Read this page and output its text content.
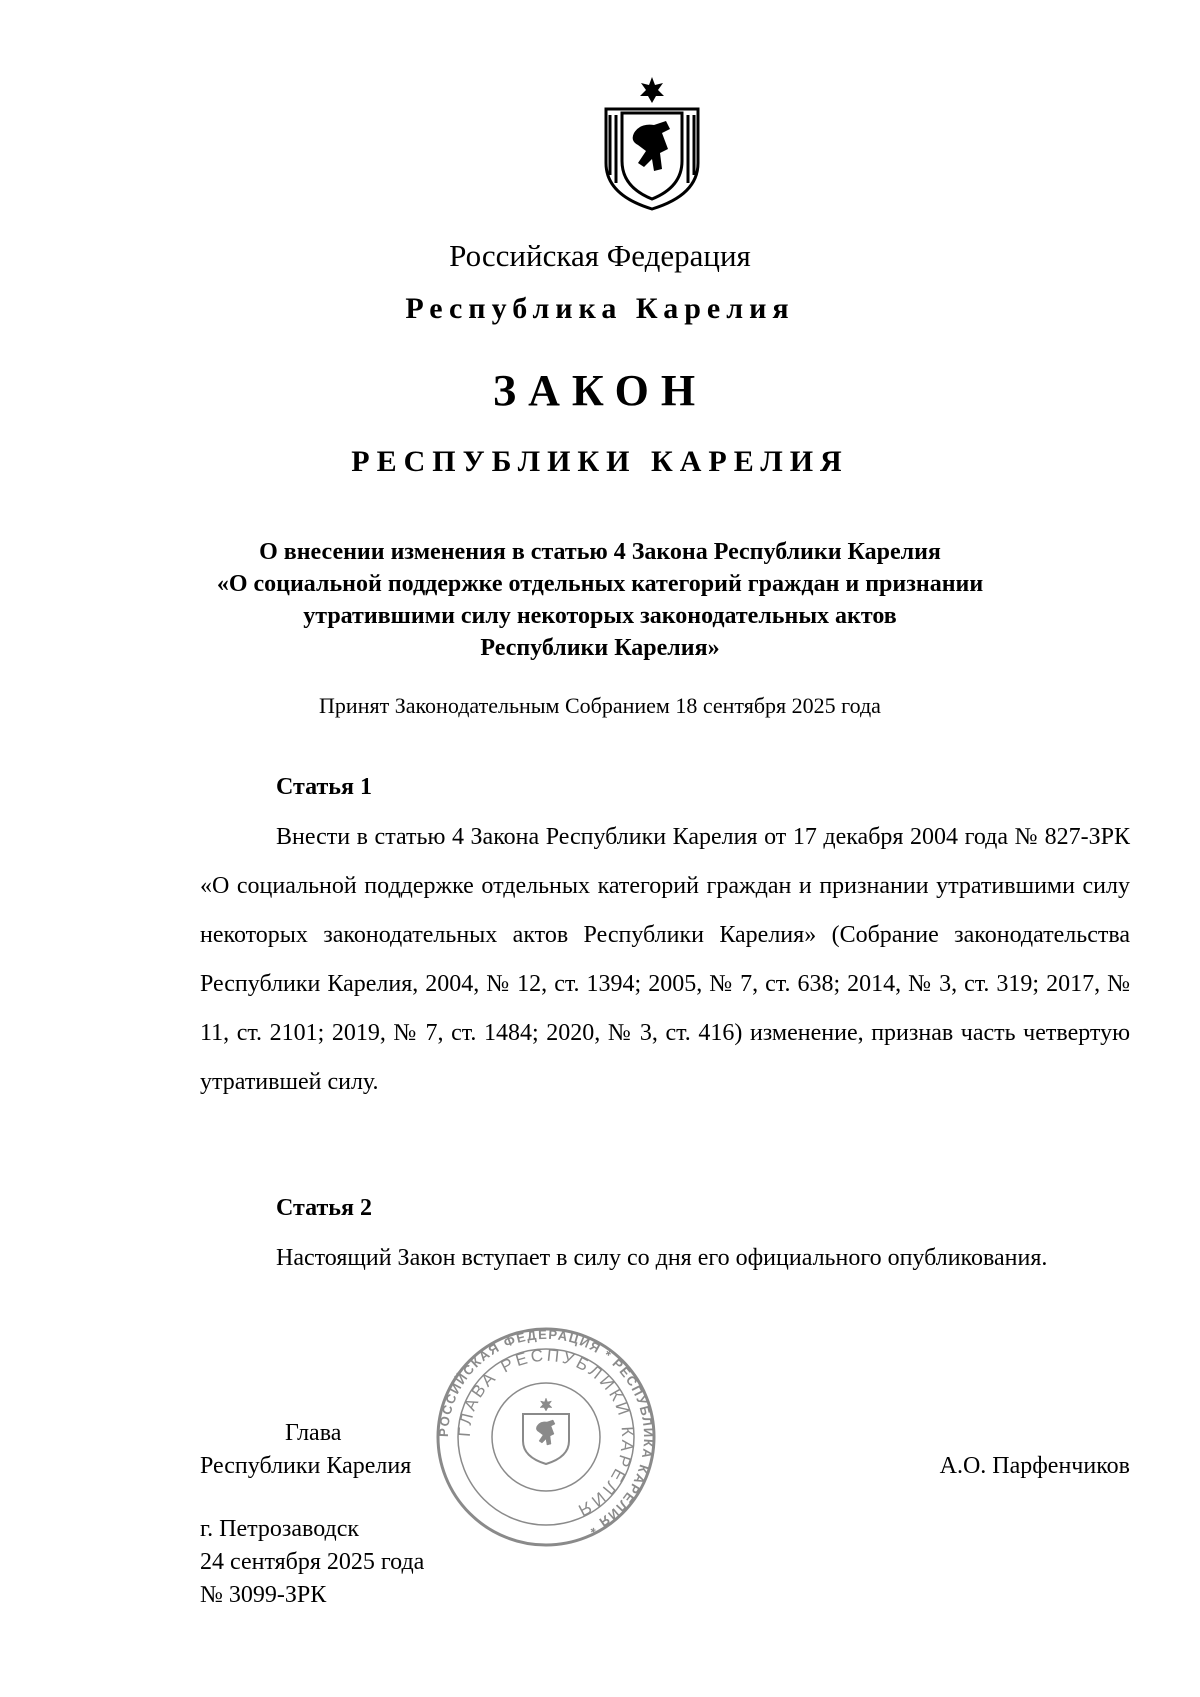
Российская Федерация
Республика Карелия
ЗАКОН
РЕСПУБЛИКИ КАРЕЛИЯ
О внесении изменения в статью 4 Закона Республики Карелия
«О социальной поддержке отдельных категорий граждан и признании
утратившими силу некоторых законодательных актов
Республики Карелия»
Принят Законодательным Собранием 18 сентября 2025 года
Статья 1

Внести в статью 4 Закона Республики Карелия от 17 декабря 2004 года № 827-ЗРК «О социальной поддержке отдельных категорий граждан и признании утратившими силу некоторых законодательных актов Республики Карелия» (Собрание законодательства Республики Карелия, 2004, № 12, ст. 1394; 2005, № 7, ст. 638; 2014, № 3, ст. 319; 2017, № 11, ст. 2101; 2019, № 7, ст. 1484; 2020, № 3, ст. 416) изменение, признав часть четвертую утратившей силу.

Статья 2

Настоящий Закон вступает в силу со дня его официального опубликования.

Глава
Республики Карелия	А.О. Парфенчиков
РОССИЙСКАЯ ФЕДЕРАЦИЯ * РЕСПУБЛИКА КАРЕЛИЯ *
ГЛАВА РЕСПУБЛИКИ КАРЕЛИЯ
г. Петрозаводск
24 сентября 2025 года
№ 3099-ЗРК
